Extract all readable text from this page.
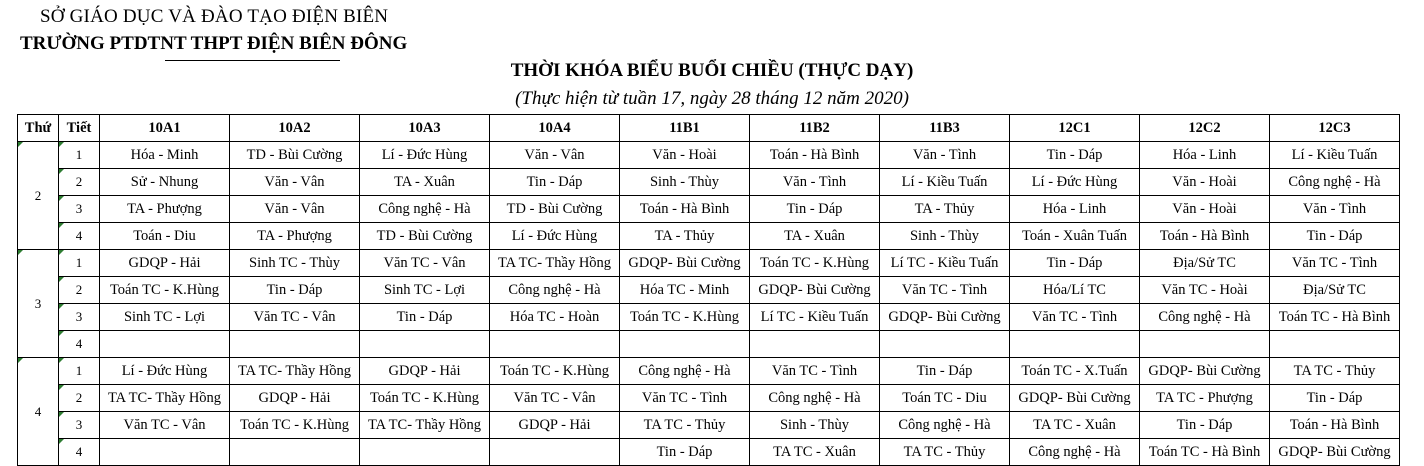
SỞ GIÁO DỤC VÀ ĐÀO TẠO ĐIỆN BIÊN
TRƯỜNG PTDTNT THPT ĐIỆN BIÊN ĐÔNG
THỜI KHÓA BIỂU BUỔI CHIỀU (THỰC DẠY)
(Thực hiện từ tuần 17, ngày 28 tháng 12 năm 2020)
Thứ	Tiết	10A1	10A2	10A3	10A4	11B1	11B2	11B3	12C1	12C2	12C3

2	1	Hóa - Minh	TD - Bùi Cường	Lí - Đức Hùng	Văn - Vân	Văn - Hoài	Toán - Hà Bình	Văn - Tình	Tin - Dáp	Hóa - Linh	Lí - Kiều Tuấn

2	Sử - Nhung	Văn - Vân	TA - Xuân	Tin - Dáp	Sinh - Thùy	Văn - Tình	Lí - Kiều Tuấn	Lí - Đức Hùng	Văn - Hoài	Công nghệ - Hà

3	TA - Phượng	Văn - Vân	Công nghệ - Hà	TD - Bùi Cường	Toán - Hà Bình	Tin - Dáp	TA - Thủy	Hóa - Linh	Văn - Hoài	Văn - Tình

4	Toán - Diu	TA - Phượng	TD - Bùi Cường	Lí - Đức Hùng	TA - Thủy	TA - Xuân	Sinh - Thùy	Toán - Xuân Tuấn	Toán - Hà Bình	Tin - Dáp

3	1	GDQP - Hải	Sinh TC - Thùy	Văn TC - Vân	TA TC- Thầy Hồng	GDQP- Bùi Cường	Toán TC - K.Hùng	Lí TC - Kiều Tuấn	Tin - Dáp	Địa/Sử TC	Văn TC - Tình

2	Toán TC - K.Hùng	Tin - Dáp	Sinh TC - Lợi	Công nghệ - Hà	Hóa TC - Minh	GDQP- Bùi Cường	Văn TC - Tình	Hóa/Lí TC	Văn TC - Hoài	Địa/Sử TC

3	Sinh TC - Lợi	Văn TC - Vân	Tin - Dáp	Hóa TC - Hoàn	Toán TC - K.Hùng	Lí TC - Kiều Tuấn	GDQP- Bùi Cường	Văn TC - Tình	Công nghệ - Hà	Toán TC - Hà Bình

4										

4	1	Lí - Đức Hùng	TA TC- Thầy Hồng	GDQP - Hải	Toán TC - K.Hùng	Công nghệ - Hà	Văn TC - Tình	Tin - Dáp	Toán TC - X.Tuấn	GDQP- Bùi Cường	TA TC - Thủy

2	TA TC- Thầy Hồng	GDQP - Hải	Toán TC - K.Hùng	Văn TC - Vân	Văn TC - Tình	Công nghệ - Hà	Toán TC - Diu	GDQP- Bùi Cường	TA TC - Phượng	Tin - Dáp

3	Văn TC - Vân	Toán TC - K.Hùng	TA TC- Thầy Hồng	GDQP - Hải	TA TC - Thủy	Sinh - Thùy	Công nghệ - Hà	TA TC - Xuân	Tin - Dáp	Toán - Hà Bình

4					Tin - Dáp	TA TC - Xuân	TA TC - Thủy	Công nghệ - Hà	Toán TC - Hà Bình	GDQP- Bùi Cường
